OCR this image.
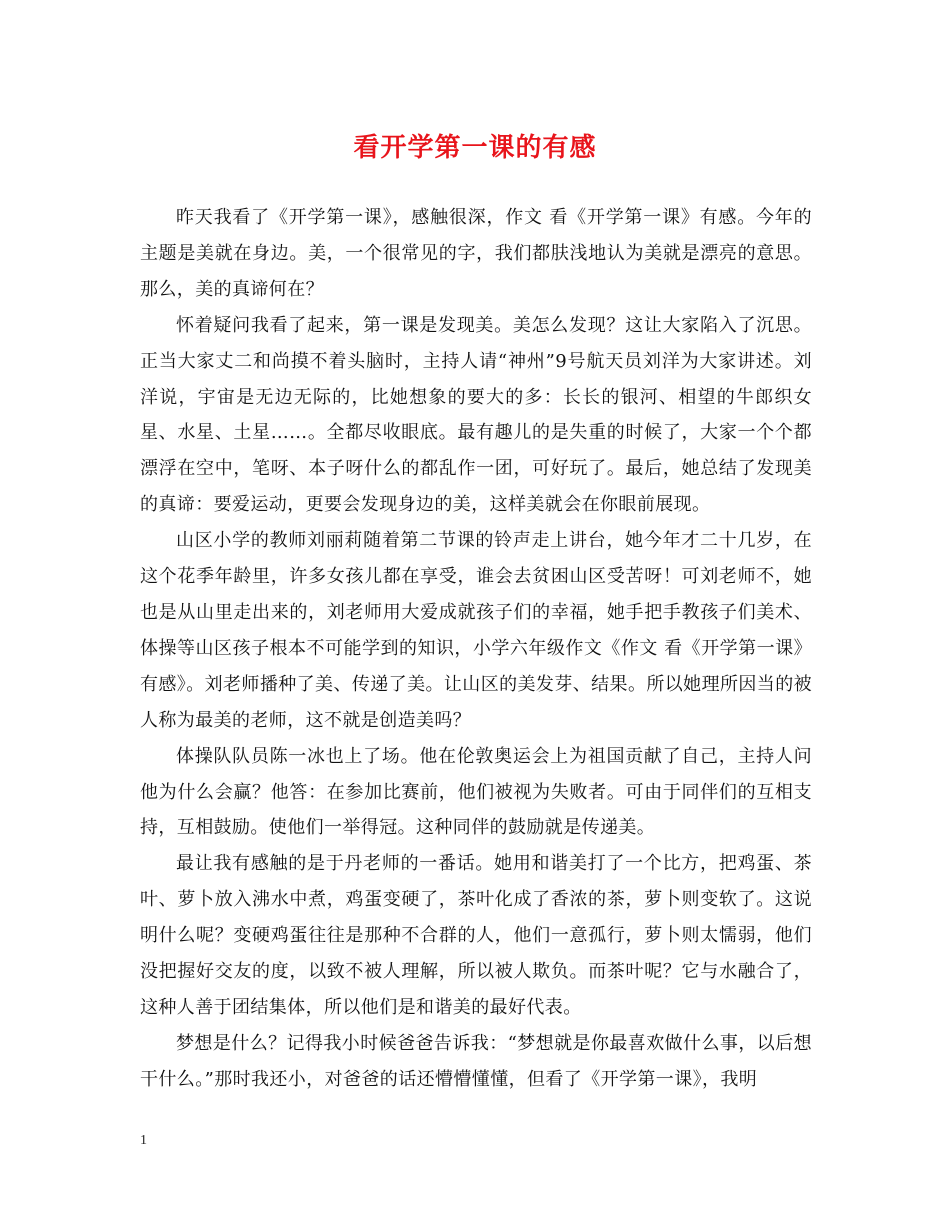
看开学第一课的有感

昨天我看了《开学第一课》，感触很深，作文 看《开学第一课》有感。今年的主题是美就在身边。美，一个很常见的字，我们都肤浅地认为美就是漂亮的意思。那么，美的真谛何在？

怀着疑问我看了起来，第一课是发现美。美怎么发现？这让大家陷入了沉思。正当大家丈二和尚摸不着头脑时，主持人请“神州”9号航天员刘洋为大家讲述。刘洋说，宇宙是无边无际的，比她想象的要大的多：长长的银河、相望的牛郎织女星、水星、土星……。全都尽收眼底。最有趣儿的是失重的时候了，大家一个个都漂浮在空中，笔呀、本子呀什么的都乱作一团，可好玩了。最后，她总结了发现美的真谛：要爱运动，更要会发现身边的美，这样美就会在你眼前展现。

山区小学的教师刘丽莉随着第二节课的铃声走上讲台，她今年才二十几岁，在这个花季年龄里，许多女孩儿都在享受，谁会去贫困山区受苦呀！可刘老师不，她也是从山里走出来的，刘老师用大爱成就孩子们的幸福，她手把手教孩子们美术、体操等山区孩子根本不可能学到的知识，小学六年级作文《作文 看《开学第一课》有感》。刘老师播种了美、传递了美。让山区的美发芽、结果。所以她理所因当的被人称为最美的老师，这不就是创造美吗？

体操队队员陈一冰也上了场。他在伦敦奥运会上为祖国贡献了自己，主持人问他为什么会赢？他答：在参加比赛前，他们被视为失败者。可由于同伴们的互相支持，互相鼓励。使他们一举得冠。这种同伴的鼓励就是传递美。

最让我有感触的是于丹老师的一番话。她用和谐美打了一个比方，把鸡蛋、茶叶、萝卜放入沸水中煮，鸡蛋变硬了，茶叶化成了香浓的茶，萝卜则变软了。这说明什么呢？变硬鸡蛋往往是那种不合群的人，他们一意孤行，萝卜则太懦弱，他们没把握好交友的度，以致不被人理解，所以被人欺负。而茶叶呢？它与水融合了，这种人善于团结集体，所以他们是和谐美的最好代表。

梦想是什么？记得我小时候爸爸告诉我：“梦想就是你最喜欢做什么事，以后想干什么。”那时我还小，对爸爸的话还懵懵懂懂，但看了《开学第一课》，我明

1
